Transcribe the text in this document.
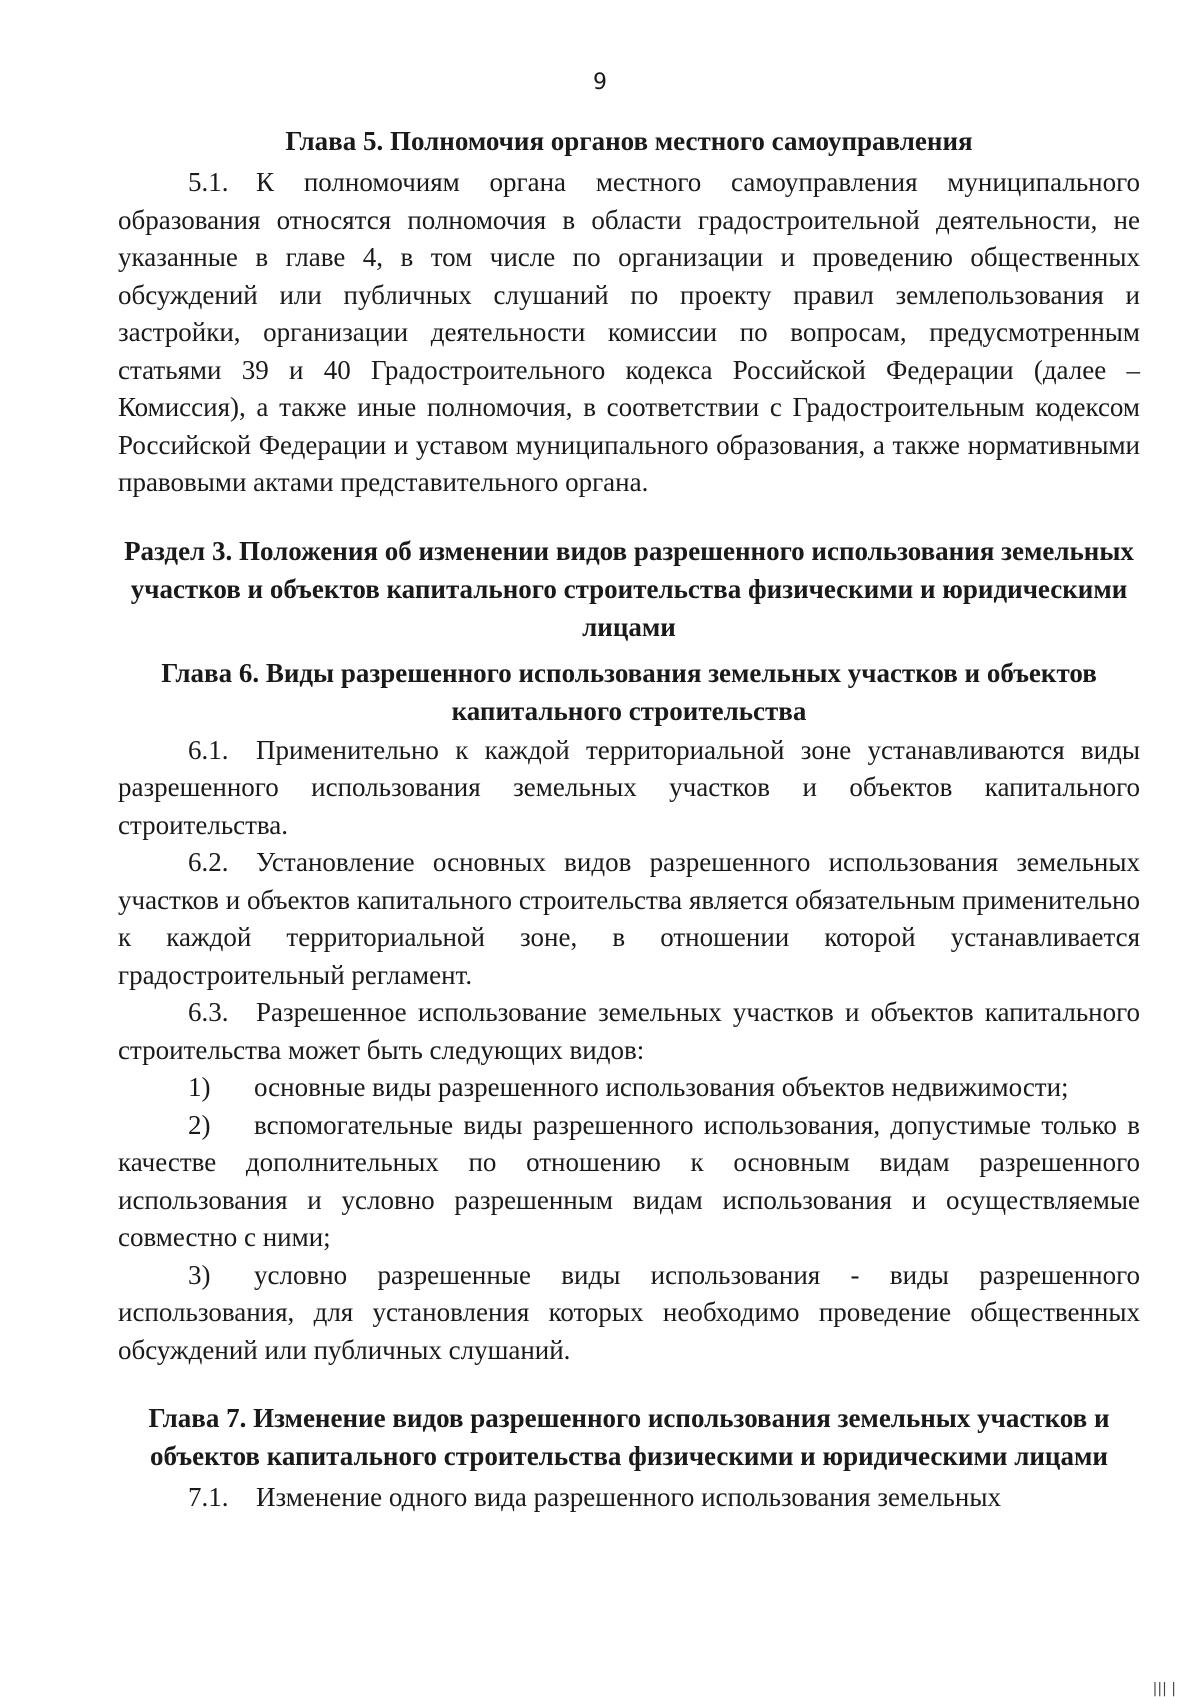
9
Глава 5. Полномочия органов местного самоуправления

5.1. К полномочиям органа местного самоуправления муниципального образования относятся полномочия в области градостроительной деятельности, не указанные в главе 4, в том числе по организации и проведению общественных обсуждений или публичных слушаний по проекту правил землепользования и застройки, организации деятельности комиссии по вопросам, предусмотренным статьями 39 и 40 Градостроительного кодекса Российской Федерации (далее – Комиссия), а также иные полномочия, в соответствии с Градостроительным кодексом Российской Федерации и уставом муниципального образования, а также нормативными правовыми актами представительного органа.

Раздел 3. Положения об изменении видов разрешенного использования земельных участков и объектов капитального строительства физическими и юридическими лицами
Глава 6. Виды разрешенного использования земельных участков и объектов капитального строительства

6.1. Применительно к каждой территориальной зоне устанавливаются виды разрешенного использования земельных участков и объектов капитального строительства.

6.2. Установление основных видов разрешенного использования земельных участков и объектов капитального строительства является обязательным применительно к каждой территориальной зоне, в отношении которой устанавливается градостроительный регламент.

6.3. Разрешенное использование земельных участков и объектов капитального строительства может быть следующих видов:

1) основные виды разрешенного использования объектов недвижимости;

2) вспомогательные виды разрешенного использования, допустимые только в качестве дополнительных по отношению к основным видам разрешенного использования и условно разрешенным видам использования и осуществляемые совместно с ними;

3) условно разрешенные виды использования - виды разрешенного использования, для установления которых необходимо проведение общественных обсуждений или публичных слушаний.

Глава 7. Изменение видов разрешенного использования земельных участков и объектов капитального строительства физическими и юридическими лицами

7.1. Изменение одного вида разрешенного использования земельных

||| |
